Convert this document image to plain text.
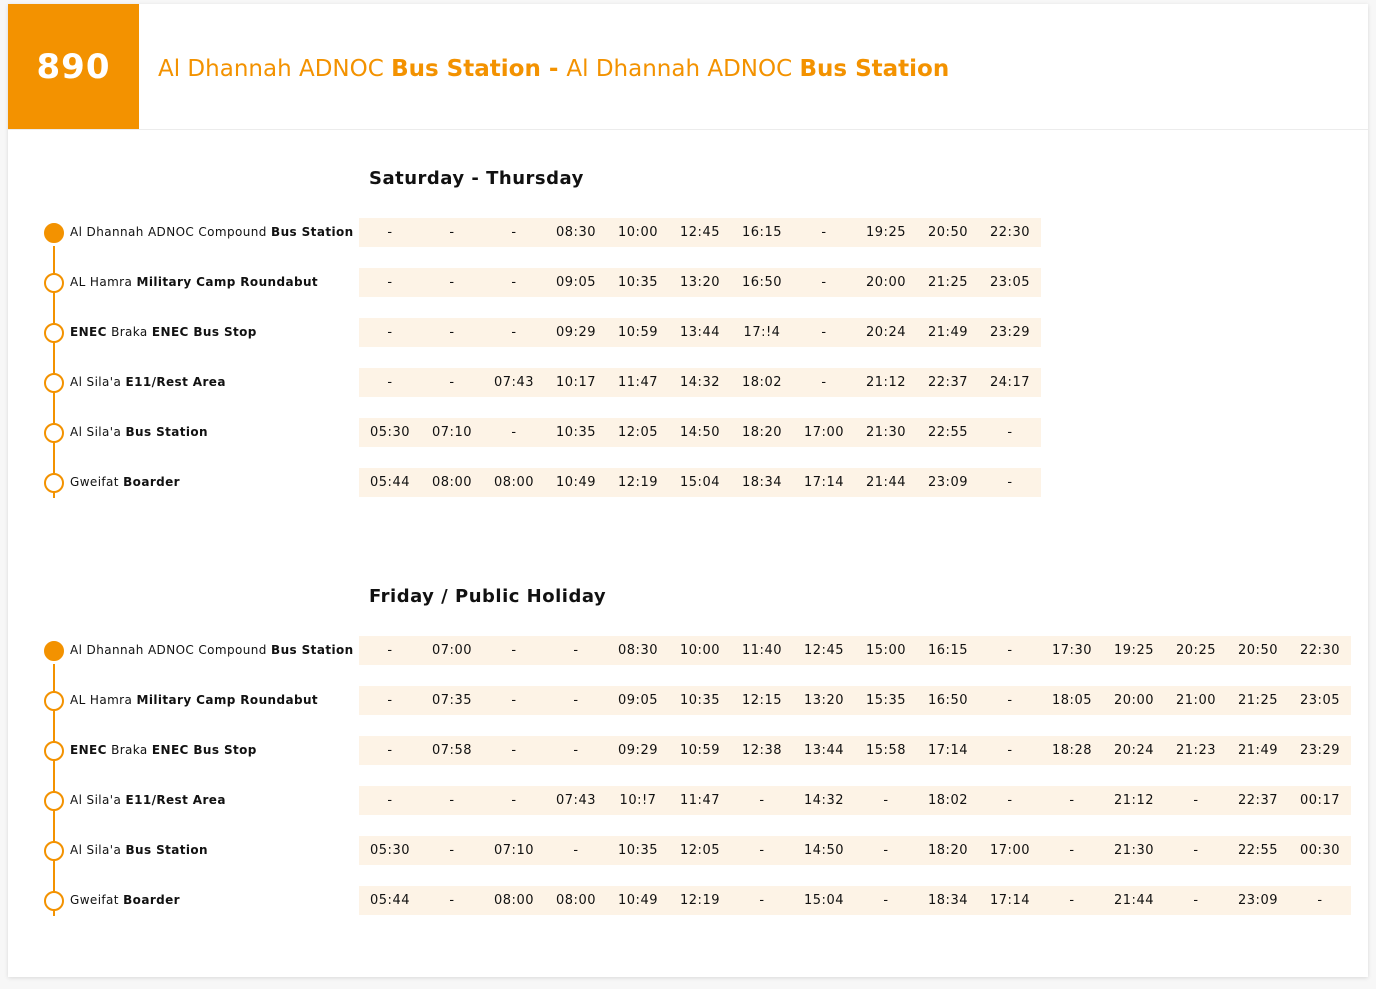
890	Al Dhannah ADNOC Bus Station - Al Dhannah ADNOC Bus Station
Saturday - Thursday
Al Dhannah ADNOC Compound Bus Station	-	-	-	08:30	10:00	12:45	16:15	-	19:25	20:50	22:30
AL Hamra Military Camp Roundabut	-	-	-	09:05	10:35	13:20	16:50	-	20:00	21:25	23:05
ENEC Braka ENEC Bus Stop	-	-	-	09:29	10:59	13:44	17:!4	-	20:24	21:49	23:29
Al Sila'a E11/Rest Area	-	-	07:43	10:17	11:47	14:32	18:02	-	21:12	22:37	24:17
Al Sila'a Bus Station	05:30	07:10	-	10:35	12:05	14:50	18:20	17:00	21:30	22:55	-
Gweifat Boarder	05:44	08:00	08:00	10:49	12:19	15:04	18:34	17:14	21:44	23:09	-
Friday / Public Holiday
Al Dhannah ADNOC Compound Bus Station	-	07:00	-	-	08:30	10:00	11:40	12:45	15:00	16:15	-	17:30	19:25	20:25	20:50	22:30
AL Hamra Military Camp Roundabut	-	07:35	-	-	09:05	10:35	12:15	13:20	15:35	16:50	-	18:05	20:00	21:00	21:25	23:05
ENEC Braka ENEC Bus Stop	-	07:58	-	-	09:29	10:59	12:38	13:44	15:58	17:14	-	18:28	20:24	21:23	21:49	23:29
Al Sila'a E11/Rest Area	-	-	-	07:43	10:!7	11:47	-	14:32	-	18:02	-	-	21:12	-	22:37	00:17
Al Sila'a Bus Station	05:30	-	07:10	-	10:35	12:05	-	14:50	-	18:20	17:00	-	21:30	-	22:55	00:30
Gweifat Boarder	05:44	-	08:00	08:00	10:49	12:19	-	15:04	-	18:34	17:14	-	21:44	-	23:09	-
